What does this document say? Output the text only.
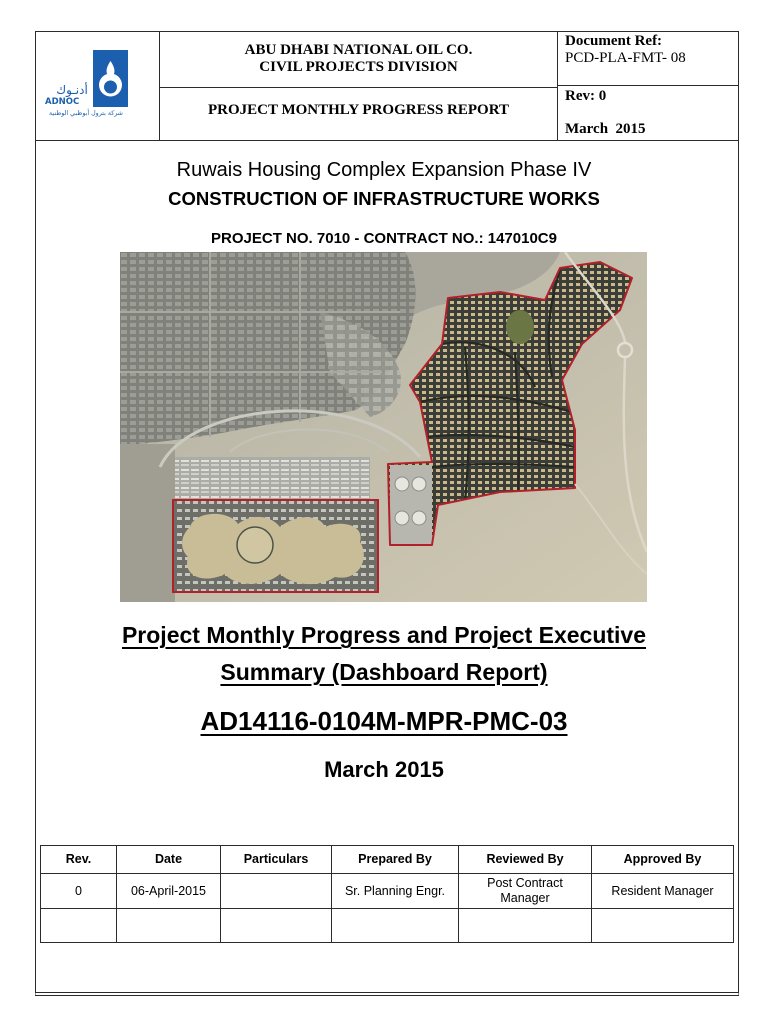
أدنـوك
ADNOC
شركة بترول أبوظبي الوطنية
ABU DHABI NATIONAL OIL CO.
CIVIL PROJECTS DIVISION
PROJECT MONTHLY PROGRESS REPORT
Document Ref:
PCD-PLA-FMT- 08
Rev: 0
March  2015
Ruwais Housing Complex Expansion Phase IV
CONSTRUCTION OF INFRASTRUCTURE WORKS
PROJECT NO. 7010 - CONTRACT NO.: 147010C9
Project Monthly Progress and Project Executive
Summary (Dashboard Report)
AD14116-0104M-MPR-PMC-03
March 2015
Rev.	Date	Particulars	Prepared By	Reviewed By	Approved By
0	06-April-2015		Sr. Planning Engr.	Post Contract Manager	Resident Manager
